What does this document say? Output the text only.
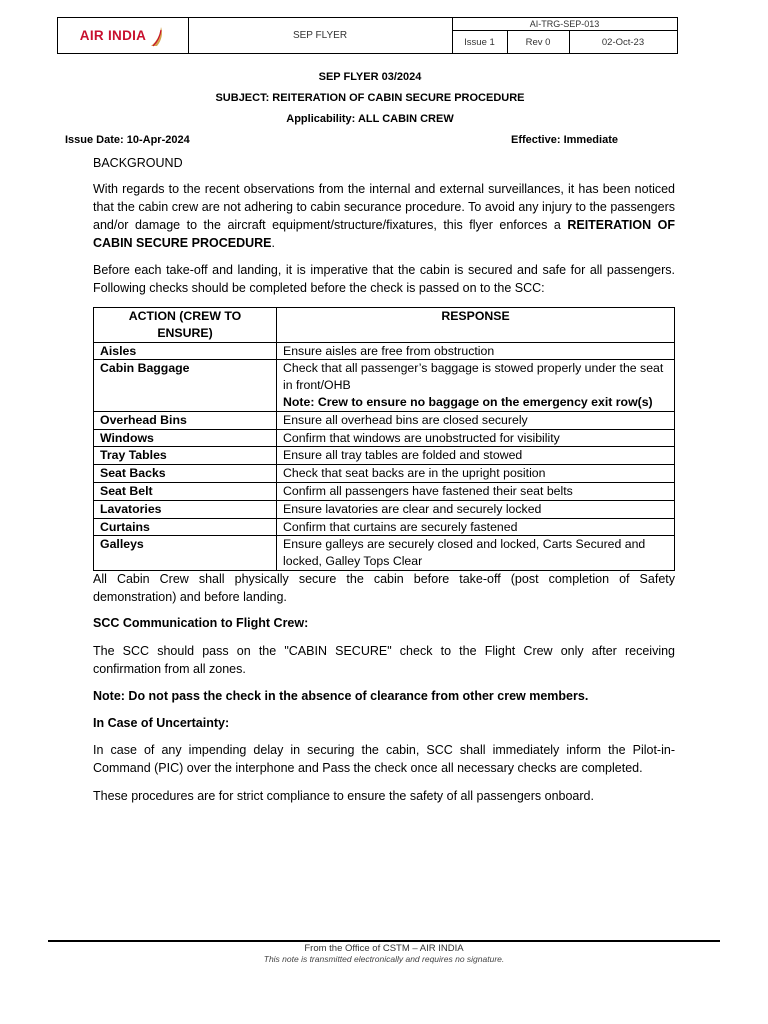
AIR INDIA	SEP FLYER
AI-TRG-SEP-013
Issue 1	Rev 0	02-Oct-23
SEP FLYER 03/2024
SUBJECT: REITERATION OF CABIN SECURE PROCEDURE
Applicability: ALL CABIN CREW
Issue Date: 10-Apr-2024	Effective: Immediate
BACKGROUND
With regards to the recent observations from the internal and external surveillances, it has been noticed that the cabin crew are not adhering to cabin securance procedure. To avoid any injury to the passengers and/or damage to the aircraft equipment/structure/fixatures, this flyer enforces a REITERATION OF CABIN SECURE PROCEDURE.
Before each take-off and landing, it is imperative that the cabin is secured and safe for all passengers. Following checks should be completed before the check is passed on to the SCC:
ACTION (CREW TO ENSURE)	RESPONSE
Aisles	Ensure aisles are free from obstruction
Cabin Baggage	Check that all passenger’s baggage is stowed properly under the seat in front/OHB
Note: Crew to ensure no baggage on the emergency exit row(s)

Overhead Bins	Ensure all overhead bins are closed securely
Windows	Confirm that windows are unobstructed for visibility
Tray Tables	Ensure all tray tables are folded and stowed
Seat Backs	Check that seat backs are in the upright position
Seat Belt	Confirm all passengers have fastened their seat belts
Lavatories	Ensure lavatories are clear and securely locked
Curtains	Confirm that curtains are securely fastened
Galleys	Ensure galleys are securely closed and locked, Carts Secured and locked, Galley Tops Clear
All Cabin Crew shall physically secure the cabin before take-off (post completion of Safety demonstration) and before landing.
SCC Communication to Flight Crew:
The SCC should pass on the "CABIN SECURE" check to the Flight Crew only after receiving confirmation from all zones.
Note: Do not pass the check in the absence of clearance from other crew members.
In Case of Uncertainty:
In case of any impending delay in securing the cabin, SCC shall immediately inform the Pilot-in-Command (PIC) over the interphone and Pass the check once all necessary checks are completed.
These procedures are for strict compliance to ensure the safety of all passengers onboard.
From the Office of CSTM – AIR INDIA
This note is transmitted electronically and requires no signature.
